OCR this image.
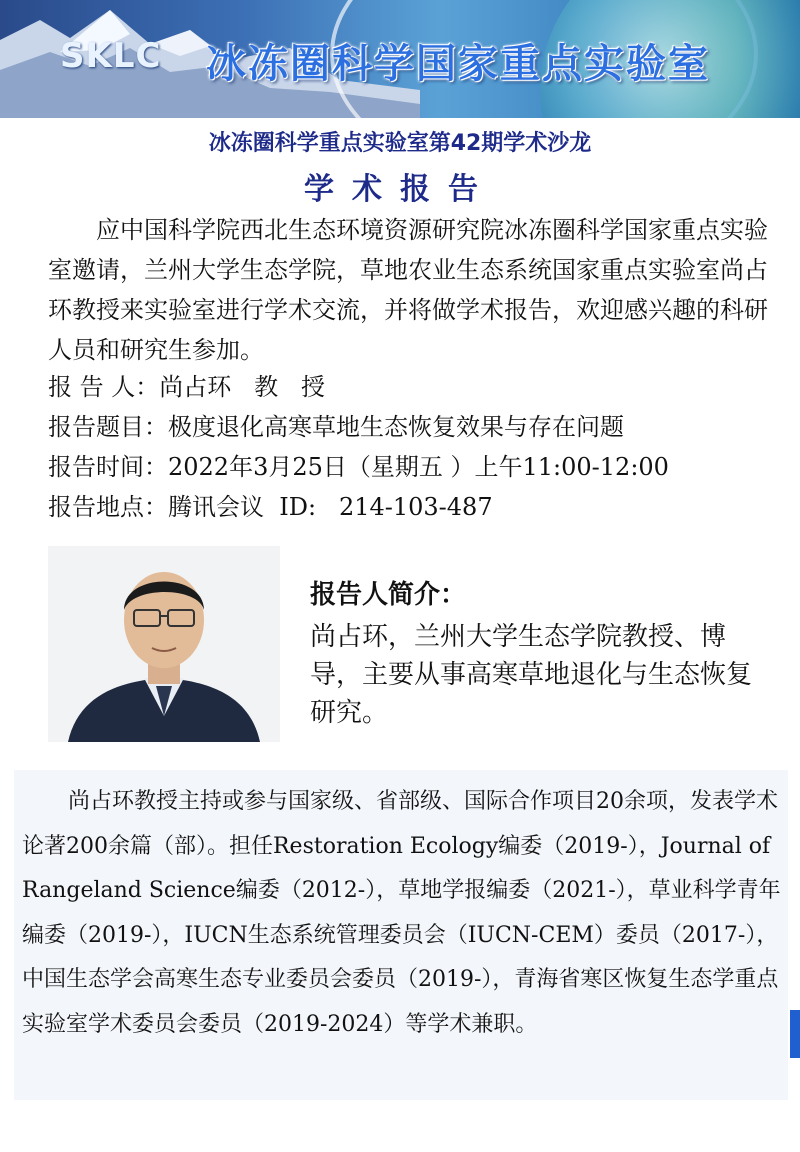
SKLC 冰冻圈科学国家重点实验室
冰冻圈科学重点实验室第42期学术沙龙
学术报告

应中国科学院西北生态环境资源研究院冰冻圈科学国家重点实验室邀请，兰州大学生态学院，草地农业生态系统国家重点实验室尚占环教授来实验室进行学术交流，并将做学术报告，欢迎感兴趣的科研人员和研究生参加。

报 告 人：尚占环   教   授
报告题目：极度退化高寒草地生态恢复效果与存在问题
报告时间：2022年3月25日（星期五 ）上午11:00-12:00
报告地点：腾讯会议  ID:   214-103-487
报告人简介：

尚占环，兰州大学生态学院教授、博导，主要从事高寒草地退化与生态恢复研究。

尚占环教授主持或参与国家级、省部级、国际合作项目20余项，发表学术论著200余篇（部）。担任Restoration Ecology编委（2019-），Journal of Rangeland Science编委（2012-），草地学报编委（2021-），草业科学青年编委（2019-），IUCN生态系统管理委员会（IUCN-CEM）委员（2017-），中国生态学会高寒生态专业委员会委员（2019-），青海省寒区恢复生态学重点实验室学术委员会委员（2019-2024）等学术兼职。
